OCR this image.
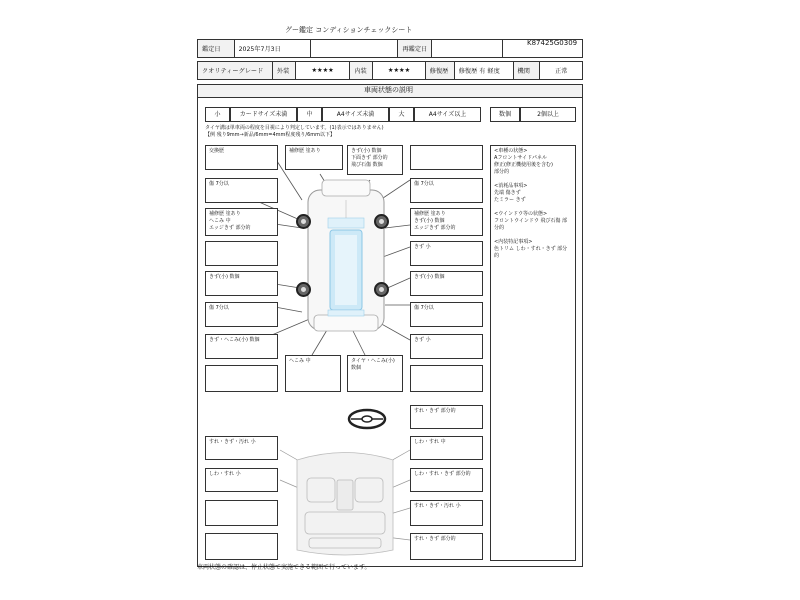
グー鑑定 コンディションチェックシート
K87425G0309
鑑定日	2025年7月3日		再鑑定日		
クオリティーグレード	外装	★★★★	内装	★★★★	修復歴	修復歴 有 軽度	機関	正常
車両状態の説明
小	カードサイズ未満	中	A4サイズ未満	大	A4サイズ以上	数個	2個以上
タイヤ溝は単車両の程度を目視により判定しています。(1)表示ではありません)
【例 残り9mm→新品/6mm=4mm程度残り/6mm以下】
<車種の状態>
Aフロントサイドパネル
修正(修正機使用後を含む)
部分的

<消耗品事項>
先端 傷きず
たミラー きず

<ウインドウ等の状態>
フロントウインドウ 飛び石傷 部分的

<内装特記事項>
色トリム しわ・すれ・きず 部分的
交換歴
傷 7分以
補修歴 塗あり
へこみ 中
エッジきず 部分的
きず(小) 数個
傷 7分以
きず・へこみ(小) 数個
補修歴 塗あり	きず(小) 数個
下面きず 部分的
飛び石傷 数個
傷 7分以
補修歴 塗あり
きず(小) 数個
エッジきず 部分的
きず 小
きず(小) 数個
傷 7分以
きず 小
へこみ 中	タイヤ・へこみ(小) 数個
すれ・きず 部分的
すれ・きず・汚れ 小
しわ・すれ 小
しわ・すれ 中
しわ・すれ・きず 部分的
すれ・きず・汚れ 小
すれ・きず 部分的
車両状態の確認は、停止状態で実施できる範囲で行っています。
